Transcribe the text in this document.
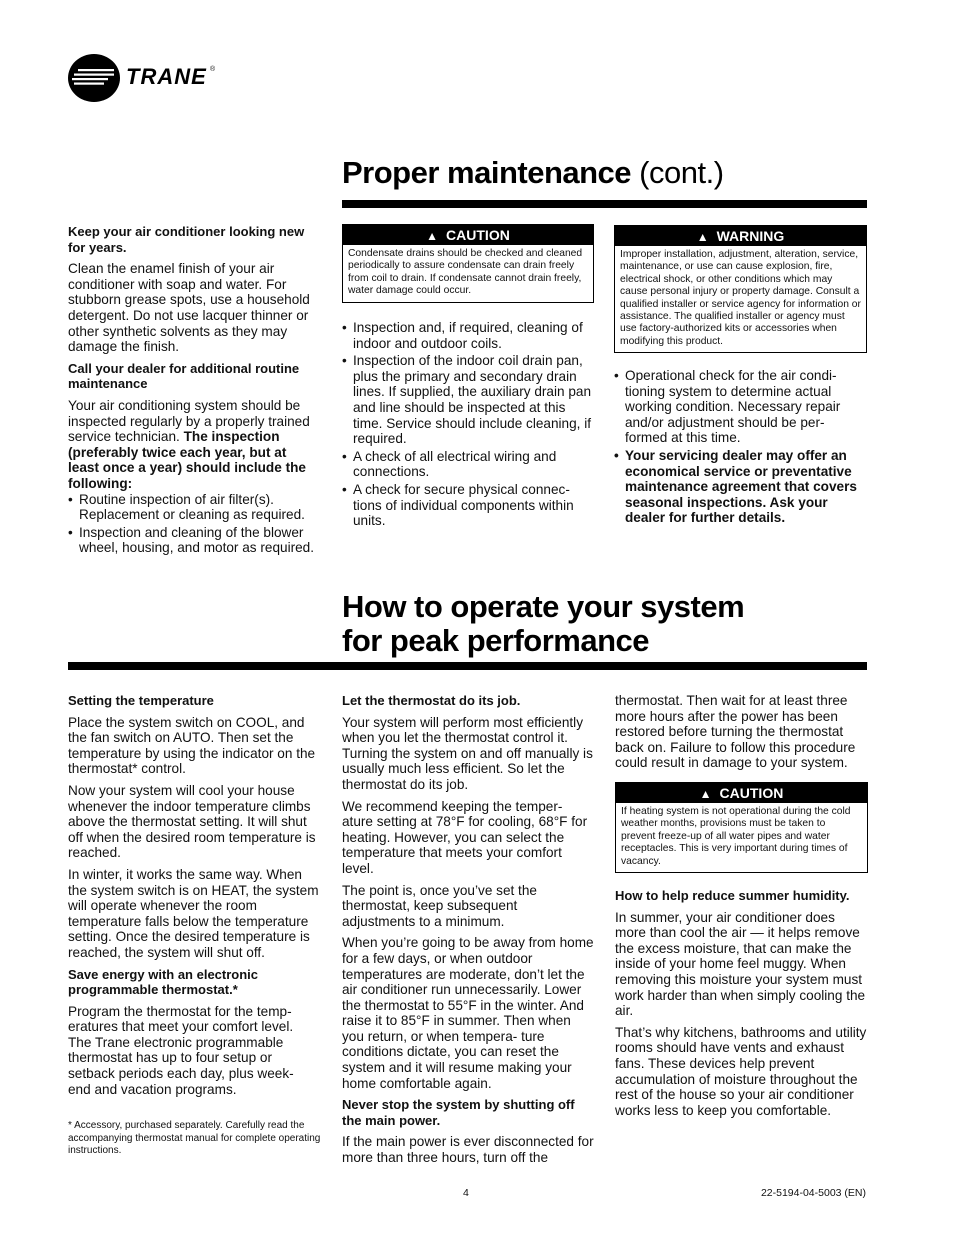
TRANE ®
Proper maintenance (cont.)

Keep your air conditioner looking new for years.

Clean the enamel finish of your air conditioner with soap and water. For stubborn grease spots, use a household detergent. Do not use lacquer thinner or other synthetic solvents as they may damage the finish.

Call your dealer for additional routine maintenance

Your air conditioning system should be inspected regularly by a properly trained service technician. The inspection (preferably twice each year, but at least once a year) should include the following:

• Routine inspection of air filter(s). Replacement or cleaning as required.
• Inspection and cleaning of the blower wheel, housing, and motor as required.
▲ CAUTION
Condensate drains should be checked and cleaned periodically to assure condensate can drain freely from coil to drain. If condensate cannot drain freely, water damage could occur.
• Inspection and, if required, cleaning of indoor and outdoor coils.
• Inspection of the indoor coil drain pan, plus the primary and secondary drain lines. If supplied, the auxiliary drain pan and line should be inspected at this time. Service should include cleaning, if required.
• A check of all electrical wiring and connections.
• A check for secure physical connec- tions of individual components within units.
▲ WARNING
Improper installation, adjustment, alteration, service, maintenance, or use can cause explosion, fire, electrical shock, or other conditions which may cause personal injury or property damage. Consult a qualified installer or service agency for information or assistance. The qualified installer or agency must use factory-authorized kits or accessories when modifying this product.
• Operational check for the air condi- tioning system to determine actual working condition. Necessary repair and/or adjustment should be per- formed at this time.
• Your servicing dealer may offer an economical service or preventative maintenance agreement that covers seasonal inspections. Ask your dealer for further details.
How to operate your system
for peak performance

Setting the temperature

Place the system switch on COOL, and the fan switch on AUTO. Then set the temperature by using the indicator on the thermostat* control.

Now your system will cool your house whenever the indoor temperature climbs above the thermostat setting. It will shut off when the desired room temperature is reached.

In winter, it works the same way. When the system switch is on HEAT, the system will operate whenever the room temperature falls below the temperature setting. Once the desired temperature is reached, the system will shut off.

Save energy with an electronic programmable thermostat.*

Program the thermostat for the temp- eratures that meet your comfort level. The Trane electronic programmable thermostat has up to four setup or setback periods each day, plus week- end and vacation programs.

* Accessory, purchased separately. Carefully read the accompanying thermostat manual for complete operating instructions.

Let the thermostat do its job.

Your system will perform most efficiently when you let the thermostat control it. Turning the system on and off manually is usually much less efficient. So let the thermostat do its job.

We recommend keeping the temper- ature setting at 78°F for cooling, 68°F for heating. However, you can select the temperature that meets your comfort level.

The point is, once you’ve set the thermostat, keep subsequent adjustments to a minimum.

When you’re going to be away from home for a few days, or when outdoor temperatures are moderate, don’t let the air conditioner run unnecessarily. Lower the thermostat to 55°F in the winter. And raise it to 85°F in summer. Then when you return, or when tempera- ture conditions dictate, you can reset the system and it will resume making your home comfortable again.

Never stop the system by shutting off the main power.

If the main power is ever disconnected for more than three hours, turn off the

thermostat. Then wait for at least three more hours after the power has been restored before turning the thermostat back on. Failure to follow this procedure could result in damage to your system.

▲ CAUTION
If heating system is not operational during the cold weather months, provisions must be taken to prevent freeze-up of all water pipes and water receptacles. This is very important during times of vacancy.

How to help reduce summer humidity.

In summer, your air conditioner does more than cool the air — it helps remove the excess moisture, that can make the inside of your home feel muggy. When removing this moisture your system must work harder than when simply cooling the air.

That’s why kitchens, bathrooms and utility rooms should have vents and exhaust fans. These devices help prevent accumulation of moisture throughout the rest of the house so your air conditioner works less to keep you comfortable.

4	22-5194-04-5003 (EN)
